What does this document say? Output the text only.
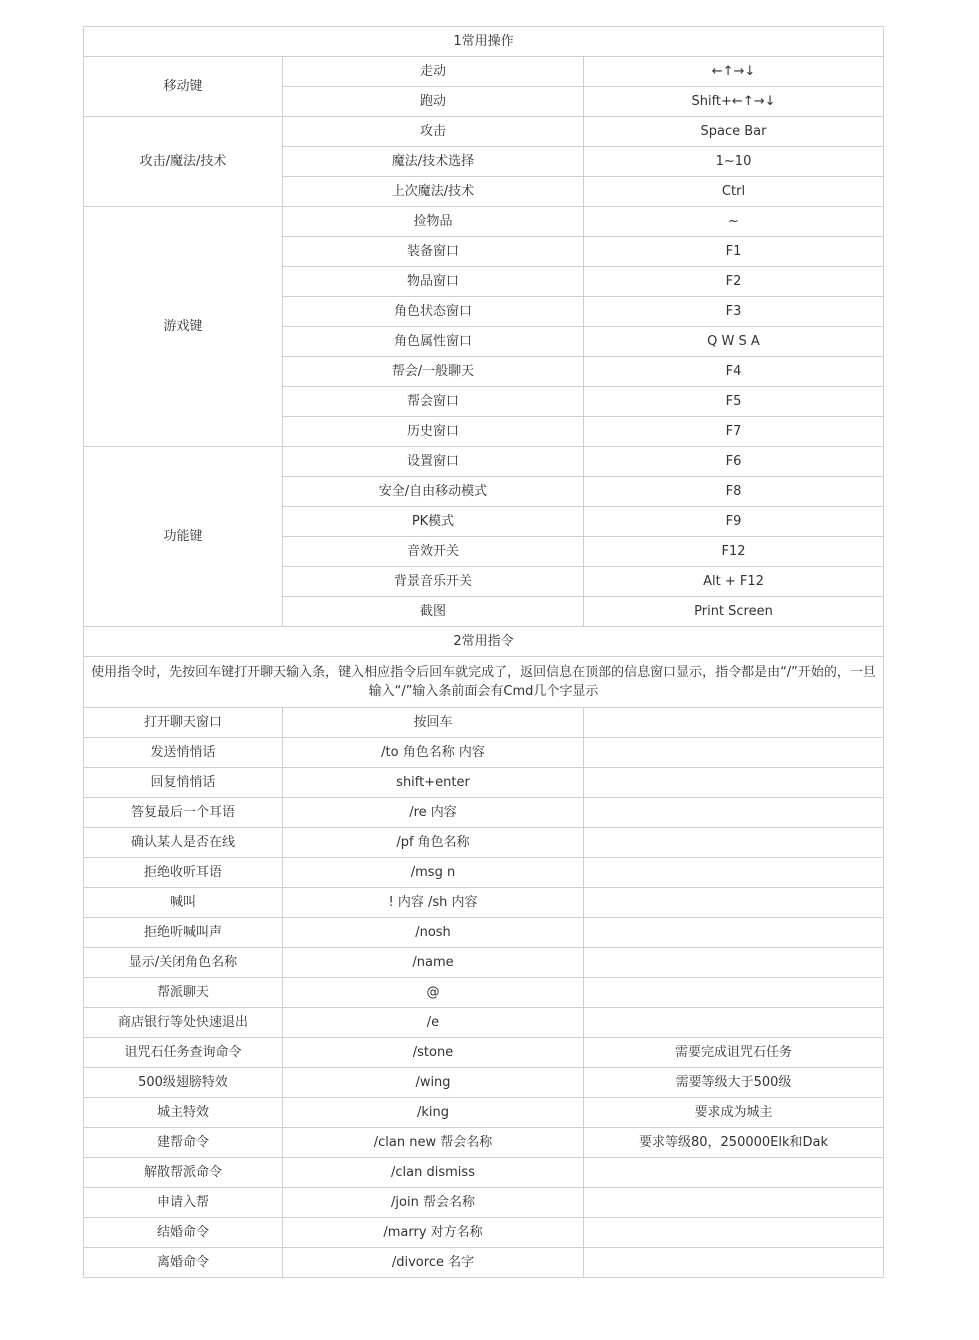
1常用操作		
移动键	走动	←↑→↓
	跑动	Shift+←↑→↓
攻击/魔法/技术	攻击	Space Bar
	魔法/技术选择	1~10
	上次魔法/技术	Ctrl
游戏键	捡物品	~
	装备窗口	F1
	物品窗口	F2
	角色状态窗口	F3
	角色属性窗口	Q W S A
	帮会/一般聊天	F4
	帮会窗口	F5
	历史窗口	F7
功能键	设置窗口	F6
	安全/自由移动模式	F8
	PK模式	F9
	音效开关	F12
	背景音乐开关	Alt + F12
	截图	Print Screen
2常用指令		
使用指令时，先按回车键打开聊天输入条，键入相应指令后回车就完成了，返回信息在顶部的信息窗口显示，指令都是由“/”开始的，一旦输入“/”输入条前面会有Cmd几个字显示		
打开聊天窗口	按回车	
发送悄悄话	/to 角色名称 内容	
回复悄悄话	shift+enter	
答复最后一个耳语	/re 内容	
确认某人是否在线	/pf 角色名称	
拒绝收听耳语	/msg n	
喊叫	! 内容 /sh 内容	
拒绝听喊叫声	/nosh	
显示/关闭角色名称	/name	
帮派聊天	@	
商店银行等处快速退出	/e	
诅咒石任务查询命令	/stone	需要完成诅咒石任务
500级翅膀特效	/wing	需要等级大于500级
城主特效	/king	要求成为城主
建帮命令	/clan new 帮会名称	要求等级80，250000Elk和Dak
解散帮派命令	/clan dismiss	
申请入帮	/join 帮会名称	
结婚命令	/marry 对方名称	
离婚命令	/divorce 名字	
